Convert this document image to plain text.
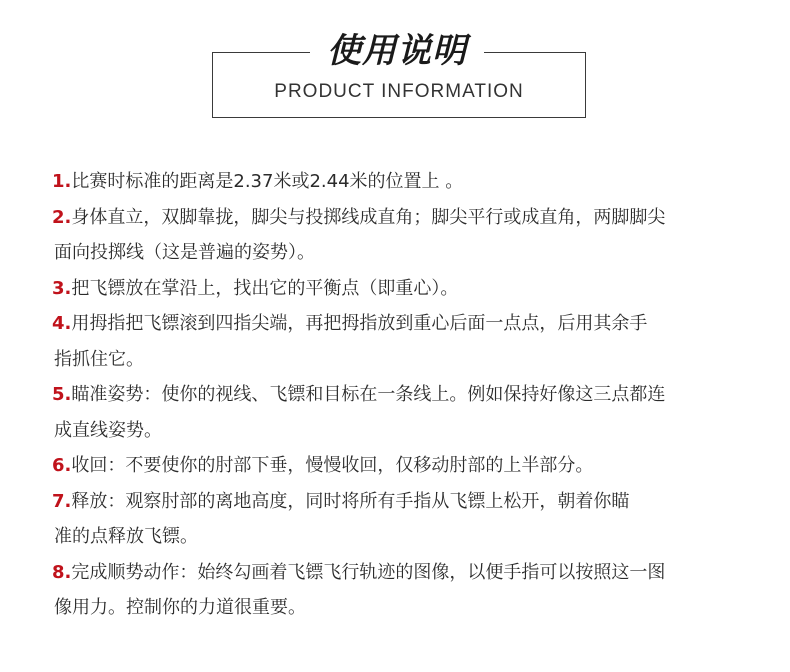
使用说明
PRODUCT INFORMATION
1.比赛时标准的距离是2.37米或2.44米的位置上 。
2.身体直立，双脚靠拢，脚尖与投掷线成直角；脚尖平行或成直角，两脚脚尖
面向投掷线（这是普遍的姿势）。
3.把飞镖放在掌沿上，找出它的平衡点（即重心）。
4.用拇指把飞镖滚到四指尖端，再把拇指放到重心后面一点点，后用其余手
指抓住它。
5.瞄准姿势：使你的视线、飞镖和目标在一条线上。例如保持好像这三点都连
成直线姿势。
6.收回：不要使你的肘部下垂，慢慢收回，仅移动肘部的上半部分。
7.释放：观察肘部的离地高度，同时将所有手指从飞镖上松开，朝着你瞄
准的点释放飞镖。
8.完成顺势动作：始终勾画着飞镖飞行轨迹的图像，以便手指可以按照这一图
像用力。控制你的力道很重要。
